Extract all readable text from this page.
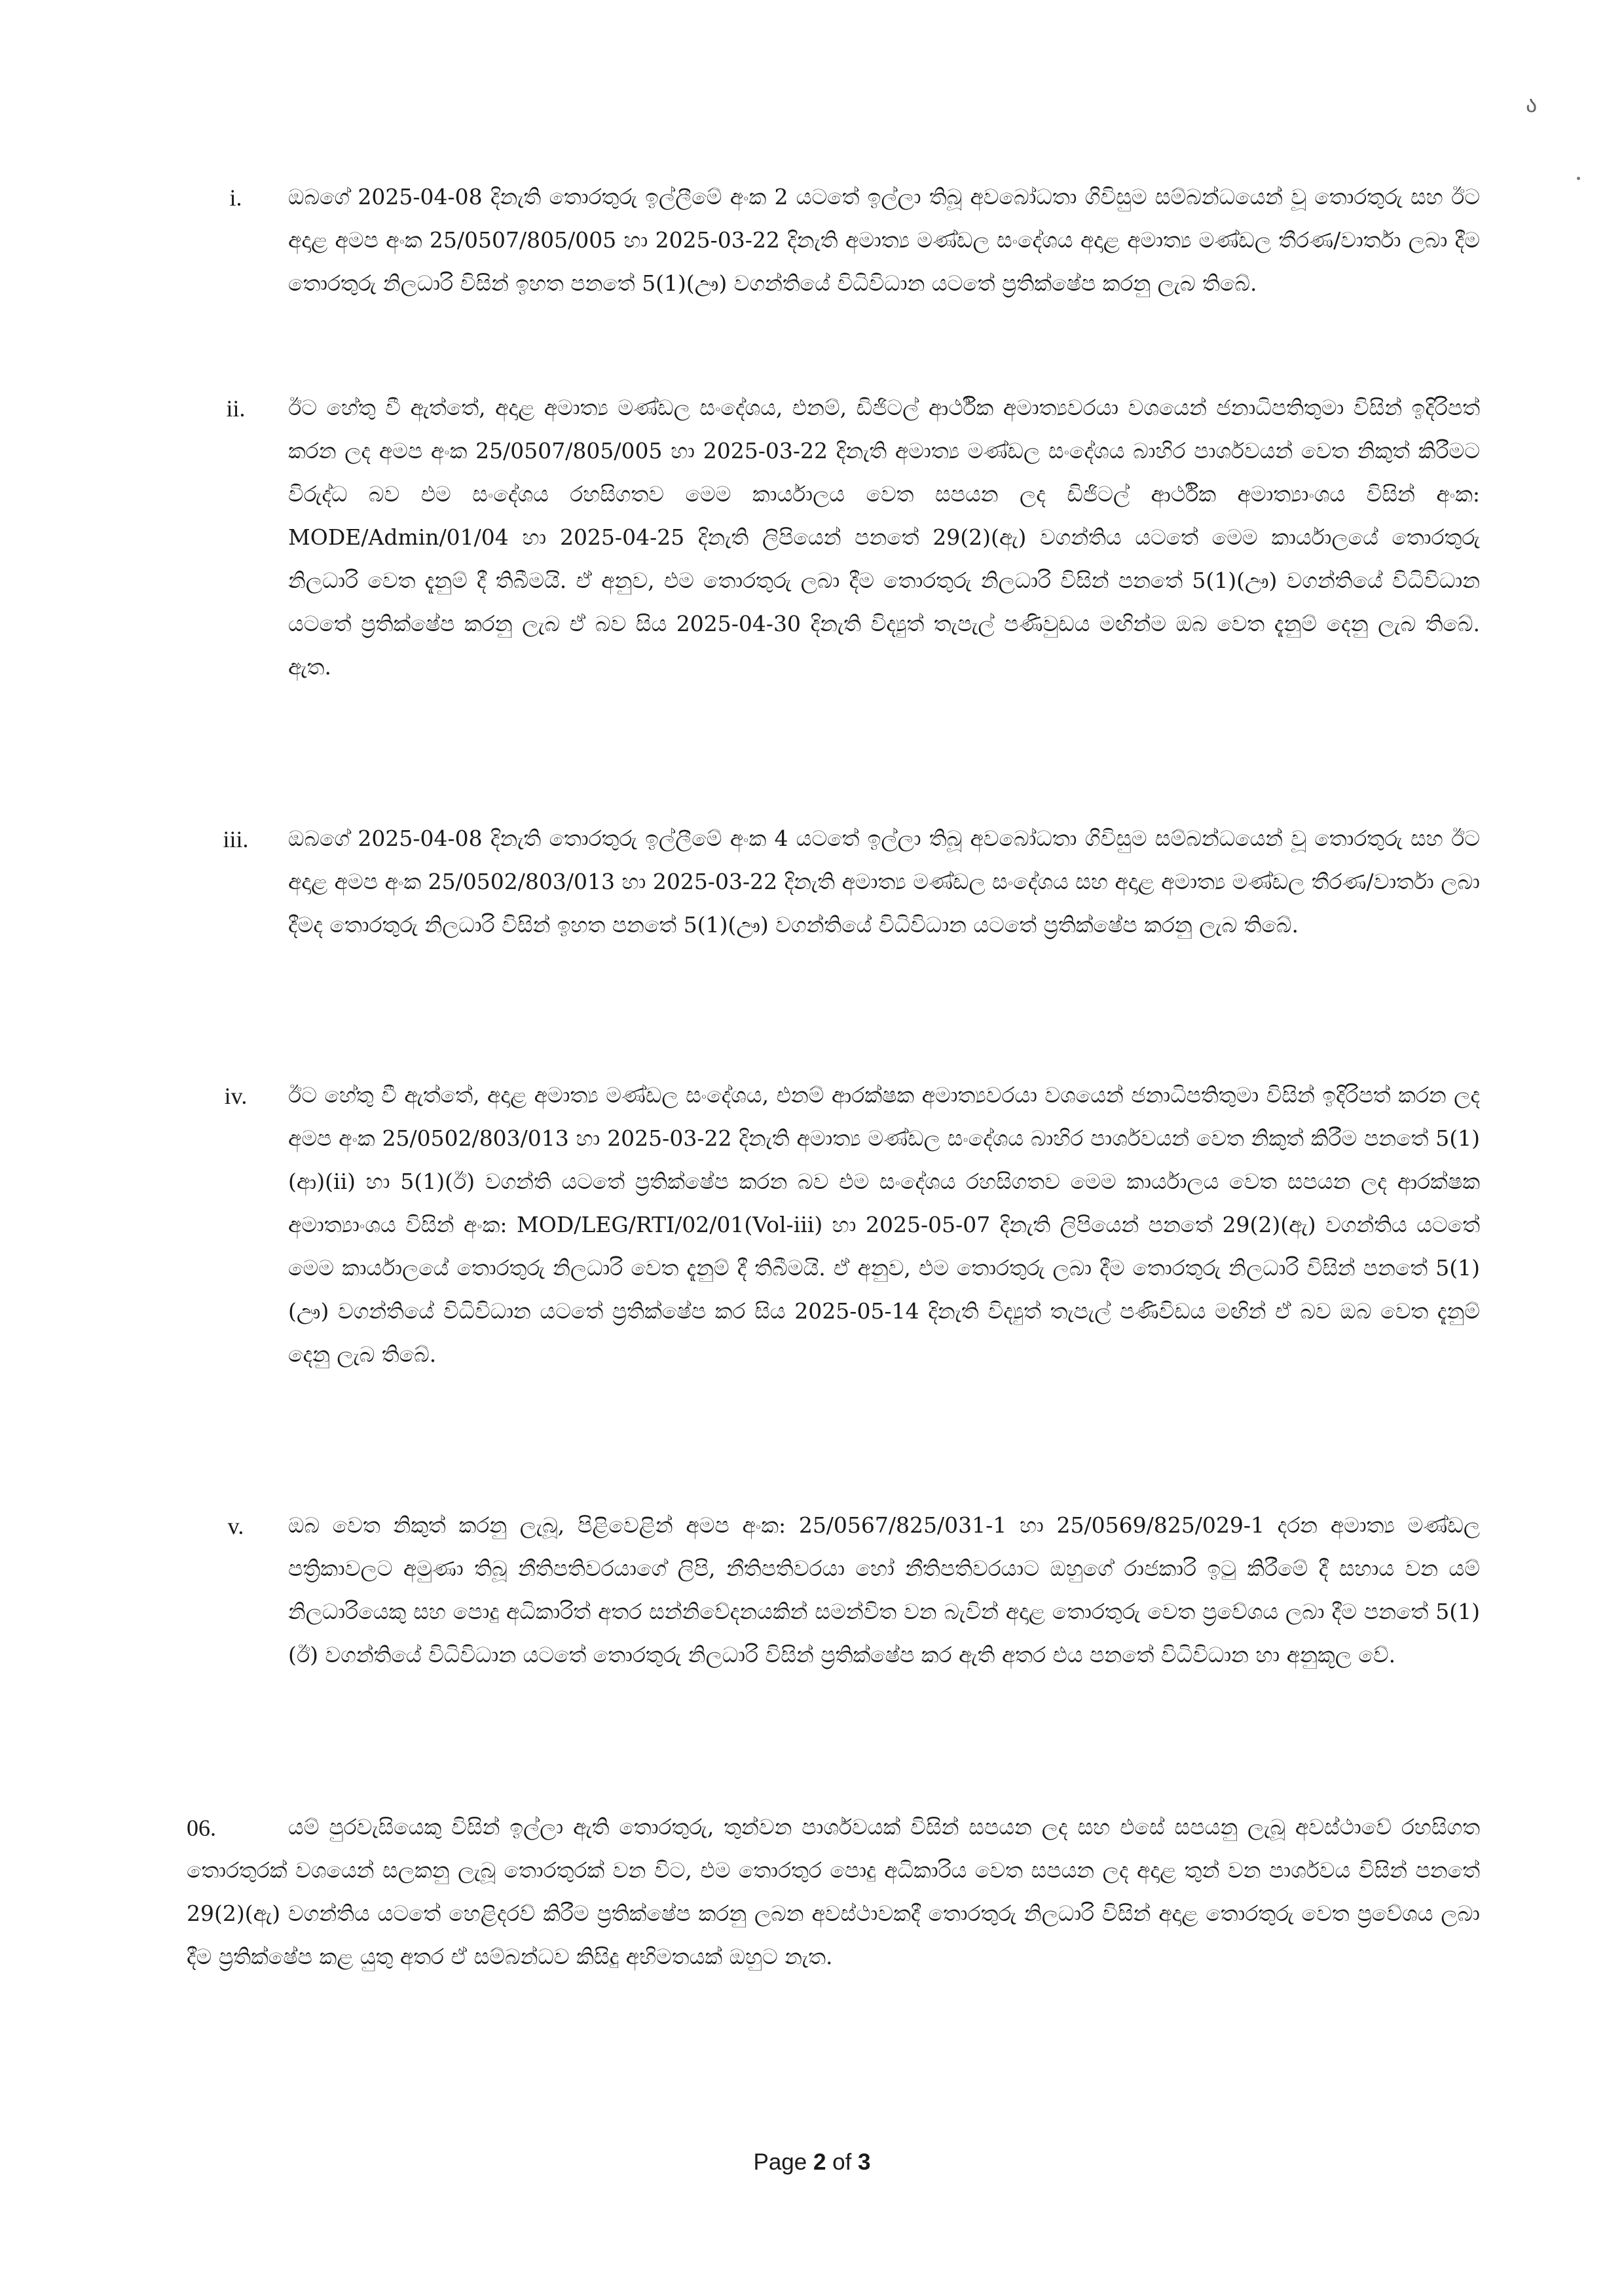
ა
i.	ඔබගේ 2025-04-08 දිනැති තොරතුරු ඉල්ලීමේ අංක 2 යටතේ ඉල්ලා තිබූ අවබෝධතා ගිවිසුම සම්බන්ධයෙන් වූ තොරතුරු සහ ඊට අදාළ අමප අංක 25/0507/805/005 හා 2025-03-22 දිනැති අමාත්‍ය මණ්ඩල සංදේශය අදාළ අමාත්‍ය මණ්ඩල තීරණ/වාර්තා ලබා දීම තොරතුරු නිලධාරි විසින් ඉහත පනතේ 5(1)(ඌ) වගන්තියේ විධිවිධාන යටතේ ප්‍රතික්ෂේප කරනු ලැබ තිබේ.
ii.	ඊට හේතු වී ඇත්තේ, අදාළ අමාත්‍ය මණ්ඩල සංදේශය, එනම්, ඩිජිටල් ආර්ථික අමාත්‍යවරයා වශයෙන් ජනාධිපතිතුමා විසින් ඉදිරිපත් කරන ලද අමප අංක 25/0507/805/005 හා 2025-03-22 දිනැති අමාත්‍ය මණ්ඩල සංදේශය බාහිර පාර්ශවයන් වෙත නිකුත් කිරීමට විරුද්ධ බව එම සංදේශය රහසිගතව මෙම කාර්යාලය වෙත සපයන ලද ඩිජිටල් ආර්ථික අමාත්‍යාංශය විසින් අංක: MODE/Admin/01/04 හා 2025-04-25 දිනැති ලිපියෙන් පනතේ 29(2)(ඇ) වගන්තිය යටතේ මෙම කාර්යාලයේ තොරතුරු නිලධාරි වෙත දැනුම් දී තිබීමයි. ඒ අනුව, එම තොරතුරු ලබා දීම තොරතුරු නිලධාරි විසින් පනතේ 5(1)(ඌ) වගන්තියේ විධිවිධාන යටතේ ප්‍රතික්ෂේප කරනු ලැබ ඒ බව සිය 2025-04-30 දිනැති විද්‍යුත් තැපැල් පණිවුඩය මඟින්ම ඔබ වෙත දැනුම් දෙනු ලැබ තිබේ. ඇත.
iii.	ඔබගේ 2025-04-08 දිනැති තොරතුරු ඉල්ලීමේ අංක 4 යටතේ ඉල්ලා තිබූ අවබෝධතා ගිවිසුම සම්බන්ධයෙන් වූ තොරතුරු සහ ඊට අදාළ අමප අංක 25/0502/803/013 හා 2025-03-22 දිනැති අමාත්‍ය මණ්ඩල සංදේශය සහ අදාළ අමාත්‍ය මණ්ඩල තීරණ/වාර්තා ලබා දීමද තොරතුරු නිලධාරි විසින් ඉහත පනතේ 5(1)(ඌ) වගන්තියේ විධිවිධාන යටතේ ප්‍රතික්ෂේප කරනු ලැබ තිබේ.
iv.	ඊට හේතු වී ඇත්තේ, අදාළ අමාත්‍ය මණ්ඩල සංදේශය, එනම් ආරක්ෂක අමාත්‍යවරයා වශයෙන් ජනාධිපතිතුමා විසින් ඉදිරිපත් කරන ලද අමප අංක 25/0502/803/013 හා 2025-03-22 දිනැති අමාත්‍ය මණ්ඩල සංදේශය බාහිර පාර්ශවයන් වෙත නිකුත් කිරීම පනතේ 5(1)(ආ)(ii) හා 5(1)(ඊ) වගන්ති යටතේ ප්‍රතික්ෂේප කරන බව එම සංදේශය රහසිගතව මෙම කාර්යාලය වෙත සපයන ලද ආරක්ෂක අමාත්‍යාංශය විසින් අංක: MOD/LEG/RTI/02/01(Vol-iii) හා 2025-05-07 දිනැති ලිපියෙන් පනතේ 29(2)(ඇ) වගන්තිය යටතේ මෙම කාර්යාලයේ තොරතුරු නිලධාරි වෙත දැනුම් දී තිබීමයි. ඒ අනුව, එම තොරතුරු ලබා දීම තොරතුරු නිලධාරි විසින් පනතේ 5(1)(ඌ) වගන්තියේ විධිවිධාන යටතේ ප්‍රතික්ෂේප කර සිය 2025-05-14 දිනැති විද්‍යුත් තැපැල් පණිවිඩය මඟින් ඒ බව ඔබ වෙත දැනුම් දෙනු ලැබ තිබේ.
v.	ඔබ වෙත නිකුත් කරනු ලැබූ, පිළිවෙළින් අමප අංක: 25/0567/825/031-1 හා 25/0569/825/029-1 දරන අමාත්‍ය මණ්ඩල පත්‍රිකාවලට අමුණා තිබූ නීතිපතිවරයාගේ ලිපි, නීතිපතිවරයා හෝ නීතිපතිවරයාට ඔහුගේ රාජකාරි ඉටු කිරීමේ දී සහාය වන යම් නිලධාරියෙකු සහ පොදු අධිකාරිත් අතර සන්නිවේදනයකින් සමන්විත වන බැවින් අදාළ තොරතුරු වෙත ප්‍රවේශය ලබා දීම පනතේ 5(1)(ඊ) වගන්තියේ විධිවිධාන යටතේ තොරතුරු නිලධාරි විසින් ප්‍රතික්ෂේප කර ඇති අතර එය පනතේ විධිවිධාන හා අනුකූල වේ.
06.	යම් පුරවැසියෙකු විසින් ඉල්ලා ඇති තොරතුරු, තුන්වන පාර්ශවයක් විසින් සපයන ලද සහ එසේ සපයනු ලැබූ අවස්ථාවේ රහසිගත තොරතුරක් වශයෙන් සලකනු ලැබූ තොරතුරක් වන විට, එම තොරතුර පොදු අධිකාරිය වෙත සපයන ලද අදාළ තුන් වන පාර්ශවය විසින් පනතේ 29(2)(ඇ) වගන්තිය යටතේ හෙළිදරව් කිරීම ප්‍රතික්ෂේප කරනු ලබන අවස්ථාවකදී තොරතුරු නිලධාරි විසින් අදාළ තොරතුරු වෙත ප්‍රවේශය ලබා දීම ප්‍රතික්ෂේප කළ යුතු අතර ඒ සම්බන්ධව කිසිදු අභිමතයක් ඔහුට නැත.
Page 2 of 3
